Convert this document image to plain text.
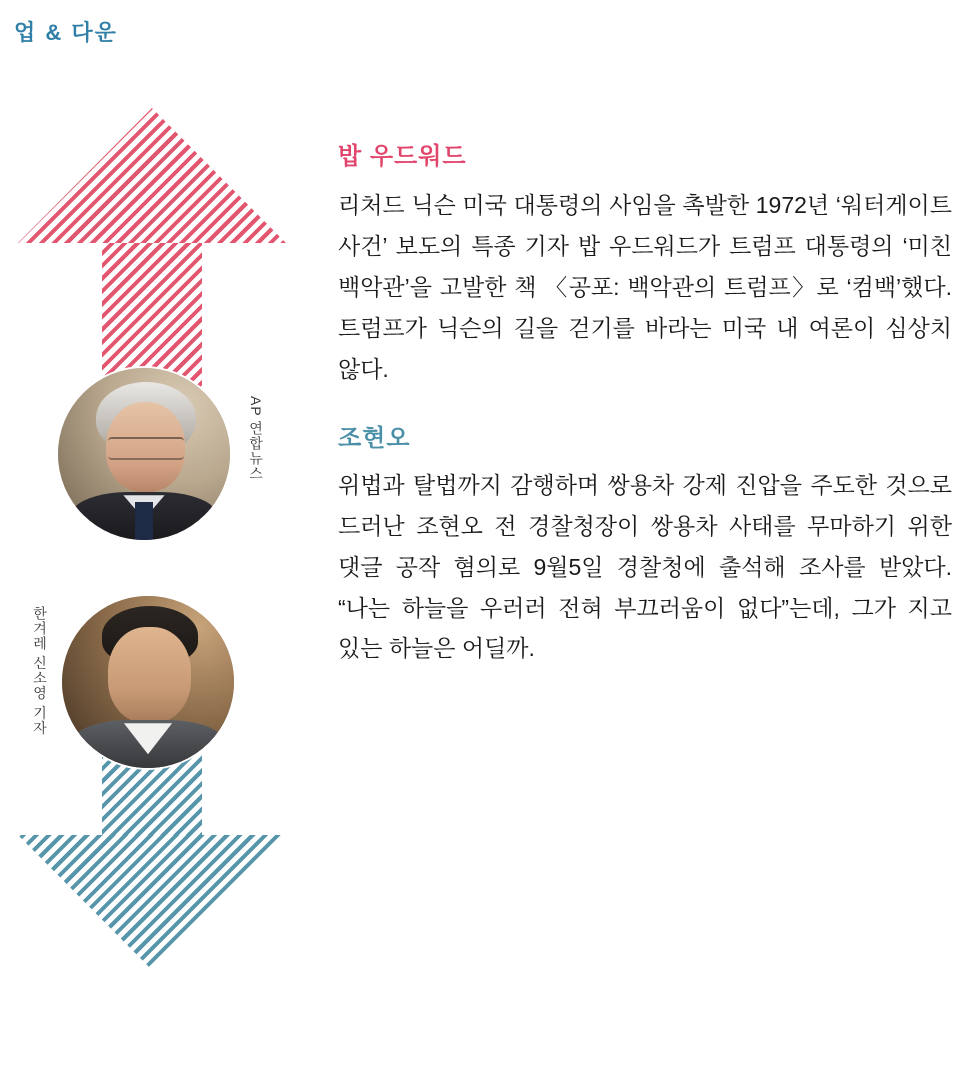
업 & 다운
AP 연합뉴스
한겨레 신소영 기자
밥 우드워드

리처드 닉슨 미국 대통령의 사임을 촉발한 1972년 ‘워터게이트 사건’ 보도의 특종 기자 밥 우드워드가 트럼프 대통령의 ‘미친 백악관’을 고발한 책 〈공포: 백악관의 트럼프〉로 ‘컴백’했다. 트럼프가 닉슨의 길을 걷기를 바라는 미국 내 여론이 심상치 않다.

조현오

위법과 탈법까지 감행하며 쌍용차 강제 진압을 주도한 것으로 드러난 조현오 전 경찰청장이 쌍용차 사태를 무마하기 위한 댓글 공작 혐의로 9월5일 경찰청에 출석해 조사를 받았다. “나는 하늘을 우러러 전혀 부끄러움이 없다”는데, 그가 지고 있는 하늘은 어딜까.
